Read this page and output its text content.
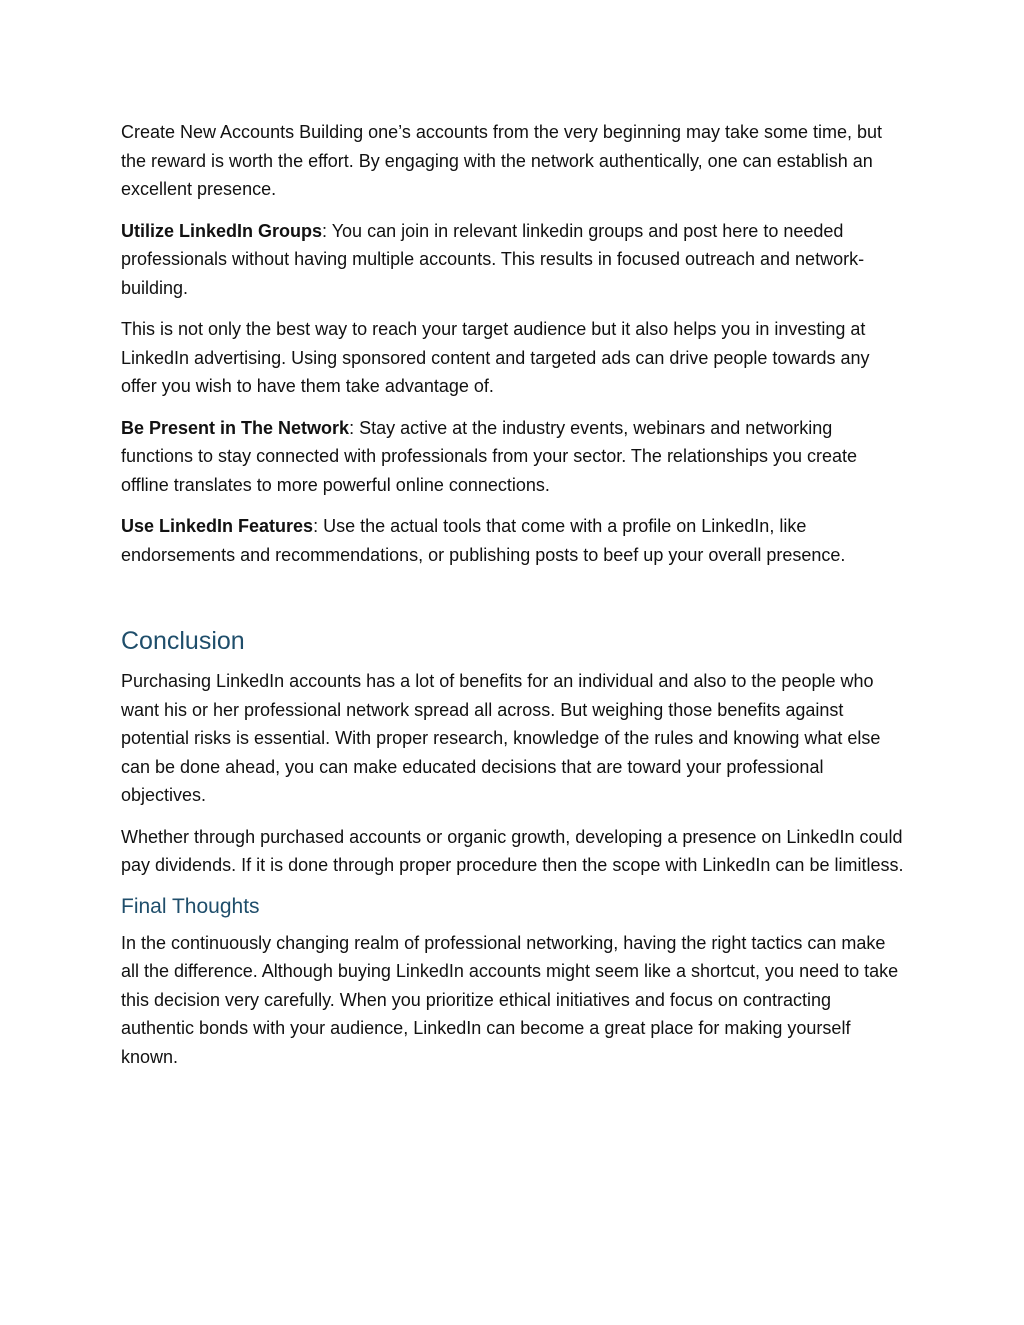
Create New Accounts Building one’s accounts from the very beginning may take some time, but the reward is worth the effort. By engaging with the network authentically, one can establish an excellent presence.

Utilize LinkedIn Groups: You can join in relevant linkedin groups and post here to needed professionals without having multiple accounts. This results in focused outreach and network-building.

This is not only the best way to reach your target audience but it also helps you in investing at LinkedIn advertising. Using sponsored content and targeted ads can drive people towards any offer you wish to have them take advantage of.

Be Present in The Network: Stay active at the industry events, webinars and networking functions to stay connected with professionals from your sector. The relationships you create offline translates to more powerful online connections.

Use LinkedIn Features: Use the actual tools that come with a profile on LinkedIn, like endorsements and recommendations, or publishing posts to beef up your overall presence.

Conclusion

Purchasing LinkedIn accounts has a lot of benefits for an individual and also to the people who want his or her professional network spread all across. But weighing those benefits against potential risks is essential. With proper research, knowledge of the rules and knowing what else can be done ahead, you can make educated decisions that are toward your professional objectives.

Whether through purchased accounts or organic growth, developing a presence on LinkedIn could pay dividends. If it is done through proper procedure then the scope with LinkedIn can be limitless.

Final Thoughts

In the continuously changing realm of professional networking, having the right tactics can make all the difference. Although buying LinkedIn accounts might seem like a shortcut, you need to take this decision very carefully. When you prioritize ethical initiatives and focus on contracting authentic bonds with your audience, LinkedIn can become a great place for making yourself known.
